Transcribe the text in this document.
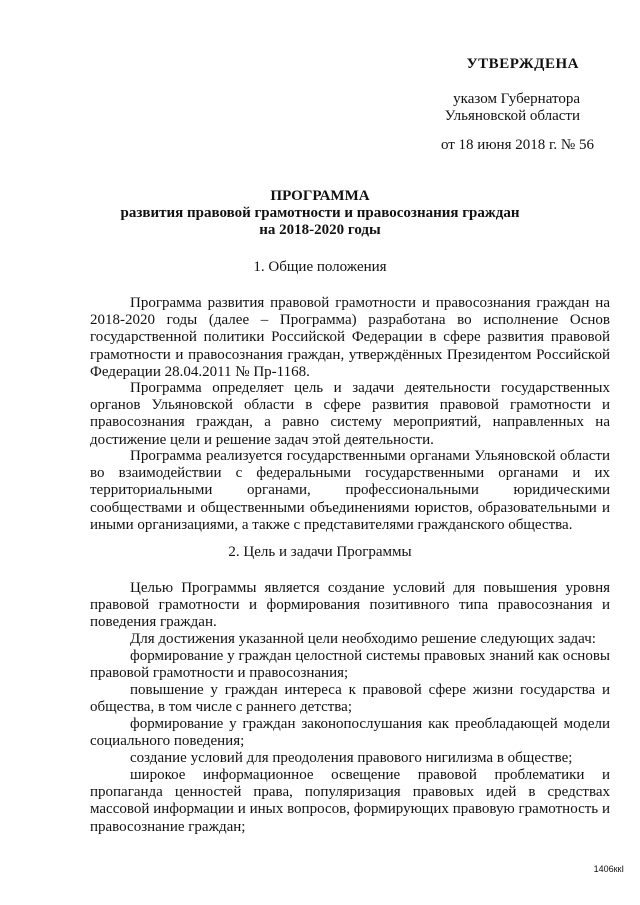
УТВЕРЖДЕНА
указом Губернатора
Ульяновской области
от 18 июня 2018 г. № 56
ПРОГРАММА
развития правовой грамотности и правосознания граждан
на 2018-2020 годы
1. Общие положения
Программа развития правовой грамотности и правосознания граждан на 2018-2020 годы (далее – Программа) разработана во исполнение Основ государственной политики Российской Федерации в сфере развития правовой грамотности и правосознания граждан, утверждённых Президентом Российской Федерации 28.04.2011 № Пр-1168.
Программа определяет цель и задачи деятельности государственных органов Ульяновской области в сфере развития правовой грамотности и правосознания граждан, а равно систему мероприятий, направленных на достижение цели и решение задач этой деятельности.
Программа реализуется государственными органами Ульяновской области во взаимодействии с федеральными государственными органами и их территориальными органами, профессиональными юридическими сообществами и общественными объединениями юристов, образовательными и иными организациями, а также с представителями гражданского общества.
2. Цель и задачи Программы
Целью Программы является создание условий для повышения уровня правовой грамотности и формирования позитивного типа правосознания и поведения граждан.
Для достижения указанной цели необходимо решение следующих задач:
формирование у граждан целостной системы правовых знаний как основы правовой грамотности и правосознания;
повышение у граждан интереса к правовой сфере жизни государства и общества, в том числе с раннего детства;
формирование у граждан законопослушания как преобладающей модели социального поведения;
создание условий для преодоления правового нигилизма в обществе;
широкое информационное освещение правовой проблематики и пропаганда ценностей права, популяризация правовых идей в средствах массовой информации и иных вопросов, формирующих правовую грамотность и правосознание граждан;
1406ккI
